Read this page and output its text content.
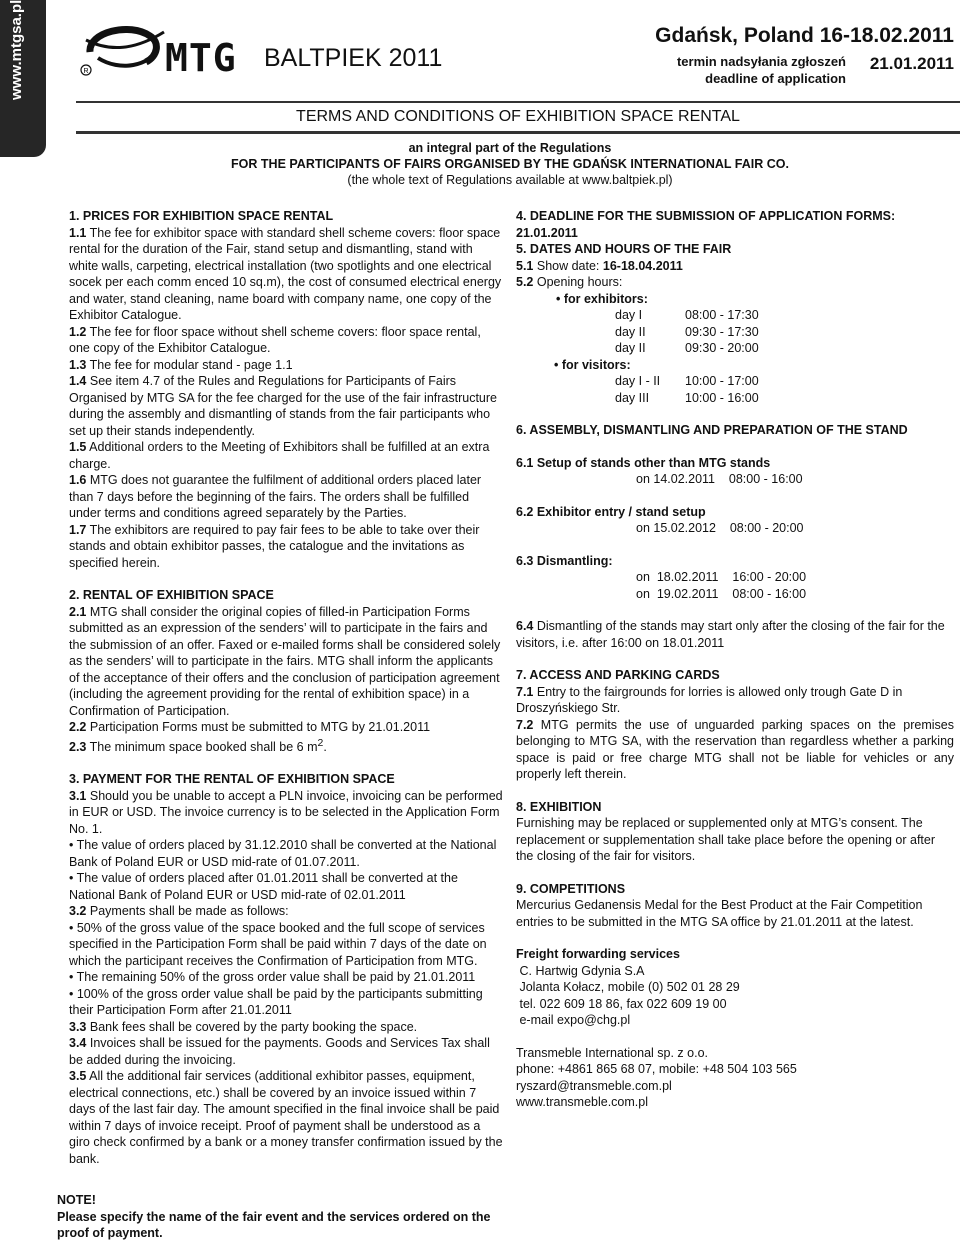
www.mtgsa.pl	R MTG BALTPIEK 2011
Gdańsk, Poland 16-18.02.2011
termin nadsyłania zgłoszeń
deadline of application
21.01.2011
TERMS AND CONDITIONS OF EXHIBITION SPACE RENTAL
an integral part of the Regulations
FOR THE PARTICIPANTS OF FAIRS ORGANISED BY THE GDAŃSK INTERNATIONAL FAIR CO.
(the whole text of Regulations available at www.baltpiek.pl)

1. PRICES FOR EXHIBITION SPACE RENTAL

1.1 The fee for exhibitor space with standard shell scheme covers: floor space rental for the duration of the Fair, stand setup and dismantling, stand with white walls, carpeting, electrical installation (two spotlights and one electrical socek per each comm enced 10 sq.m), the cost of consumed electrical energy and water, stand cleaning, name board with company name, one copy of the Exhibitor Catalogue.

1.2 The fee for floor space without shell scheme covers: floor space rental, one copy of the Exhibitor Catalogue.

1.3 The fee for modular stand - page 1.1

1.4 See item 4.7 of the Rules and Regulations for Participants of Fairs Organised by MTG SA for the fee charged for the use of the fair infrastructure during the assembly and dismantling of stands from the fair participants who set up their stands independently.

1.5 Additional orders to the Meeting of Exhibitors shall be fulfilled at an extra charge.

1.6 MTG does not guarantee the fulfilment of additional orders placed later than 7 days before the beginning of the fairs. The orders shall be fulfilled under terms and conditions agreed separately by the Parties.

1.7 The exhibitors are required to pay fair fees to be able to take over their stands and obtain exhibitor passes, the catalogue and the invitations as specified herein.

2. RENTAL OF EXHIBITION SPACE

2.1 MTG shall consider the original copies of filled-in Participation Forms submitted as an expression of the senders’ will to participate in the fairs and the submission of an offer. Faxed or e-mailed forms shall be considered solely as the senders’ will to participate in the fairs. MTG shall inform the applicants of the acceptance of their offers and the conclusion of participation agreement (including the agreement providing for the rental of exhibition space) in a Confirmation of Participation.

2.2 Participation Forms must be submitted to MTG by 21.01.2011

2.3 The minimum space booked shall be 6 $m^2$.

3. PAYMENT FOR THE RENTAL OF EXHIBITION SPACE

3.1 Should you be unable to accept a PLN invoice, invoicing can be performed in EUR or USD. The invoice currency is to be selected in the Application Form No. 1.

• The value of orders placed by 31.12.2010 shall be converted at the National Bank of Poland EUR or USD mid-rate of 01.07.2011.

• The value of orders placed after 01.01.2011 shall be converted at the National Bank of Poland EUR or USD mid-rate of 02.01.2011

3.2 Payments shall be made as follows:

• 50% of the gross value of the space booked and the full scope of services specified in the Participation Form shall be paid within 7 days of the date on which the participant receives the Confirmation of Participation from MTG.

• The remaining 50% of the gross order value shall be paid by 21.01.2011

• 100% of the gross order value shall be paid by the participants submitting their Participation Form after 21.01.2011

3.3 Bank fees shall be covered by the party booking the space.

3.4 Invoices shall be issued for the payments. Goods and Services Tax shall be added during the invoicing.

3.5 All the additional fair services (additional exhibitor passes, equipment, electrical connections, etc.) shall be covered by an invoice issued within 7 days of the last fair day. The amount specified in the final invoice shall be paid within 7 days of invoice receipt. Proof of payment shall be understood as a giro check confirmed by a bank or a money transfer confirmation issued by the bank.

4. DEADLINE FOR THE SUBMISSION OF APPLICATION FORMS:

21.01.2011

5. DATES AND HOURS OF THE FAIR

5.1 Show date: 16-18.04.2011

5.2 Opening hours:

• for exhibitors:

day I	08:00 - 17:30

day II	09:30 - 17:30

day II	09:30 - 20:00

• for visitors:

day I - II 10:00 - 17:00

day III	10:00 - 16:00

6. ASSEMBLY, DISMANTLING AND PREPARATION OF THE STAND

6.1 Setup of stands other than MTG stands

on 14.02.2011    08:00 - 16:00

6.2 Exhibitor entry / stand setup

on 15.02.2012    08:00 - 20:00

6.3 Dismantling:

on  18.02.2011    16:00 - 20:00

on  19.02.2011    08:00 - 16:00

6.4 Dismantling of the stands may start only after the closing of the fair for the visitors, i.e. after 16:00 on 18.01.2011

7. ACCESS AND PARKING CARDS

7.1 Entry to the fairgrounds for lorries is allowed only trough Gate D in Droszyńskiego Str.

7.2 MTG permits the use of unguarded parking spaces on the premises belonging to MTG SA, with the reservation than regardless whether a parking space is paid or free charge MTG shall not be liable for vehicles or any properly left therein.

8. EXHIBITION

Furnishing may be replaced or supplemented only at MTG’s consent. The replacement or supplementation shall take place before the opening or after the closing of the fair for visitors.

9. COMPETITIONS

Mercurius Gedanensis Medal for the Best Product at the Fair Competition entries to be submitted in the MTG SA office by 21.01.2011 at the latest.

Freight forwarding services

C. Hartwig Gdynia S.A

Jolanta Kołacz, mobile (0) 502 01 28 29

tel. 022 609 18 86, fax 022 609 19 00

e-mail expo@chg.pl

Transmeble International sp. z o.o.

phone: +4861 865 68 07, mobile: +48 504 103 565

ryszard@transmeble.com.pl

www.transmeble.com.pl

NOTE!
Please specify the name of the fair event and the services ordered on the proof of payment.
